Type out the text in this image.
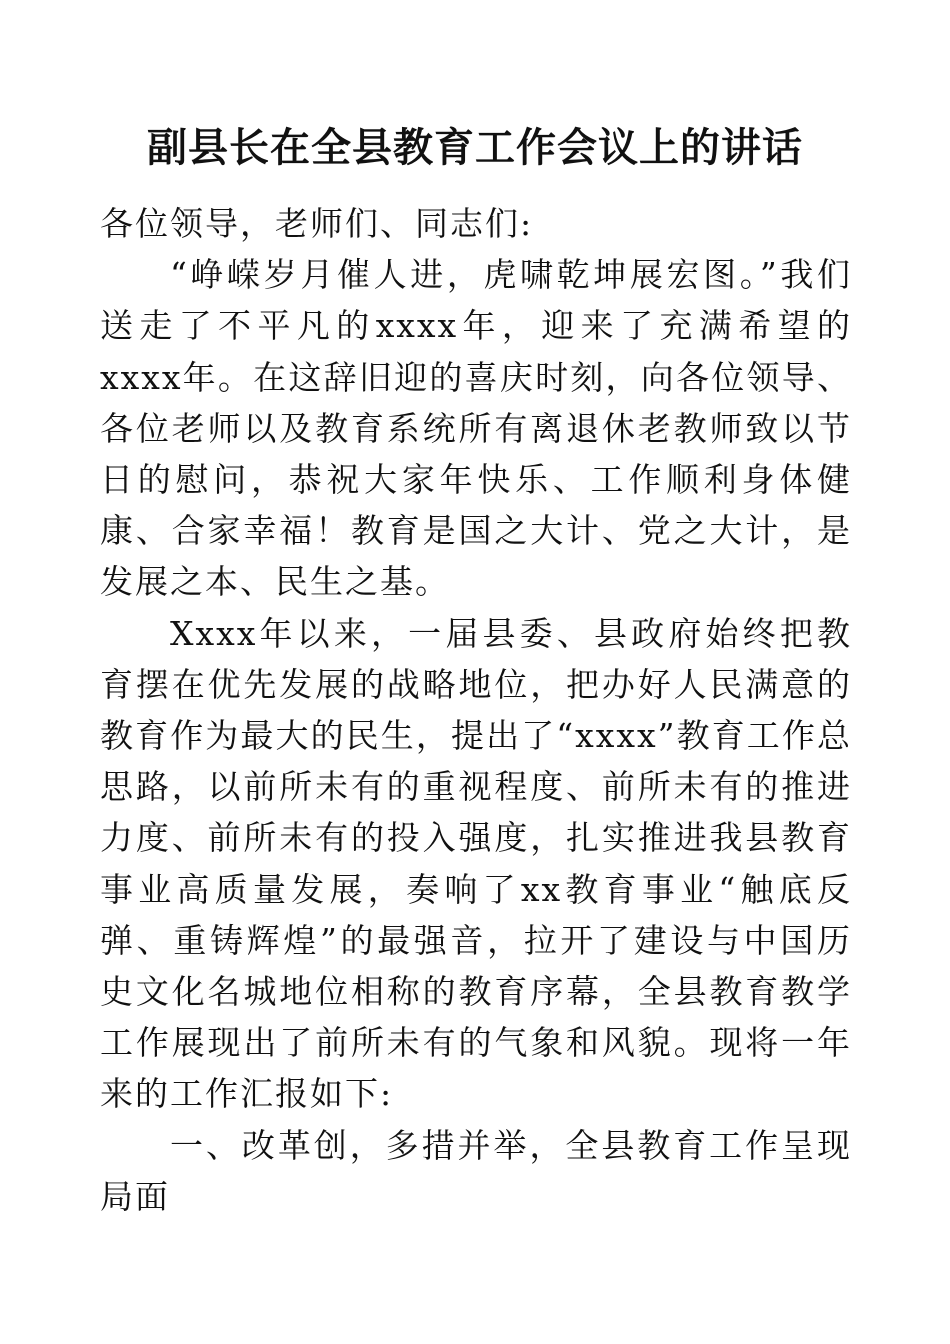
副县长在全县教育工作会议上的讲话

各位领导，老师们、同志们:

“峥嵘岁月催人进，虎啸乾坤展宏图。”我们送走了不平凡的xxxx年，迎来了充满希望的xxxx年。在这辞旧迎的喜庆时刻，向各位领导、各位老师以及教育系统所有离退休老教师致以节日的慰问，恭祝大家年快乐、工作顺利身体健康、合家幸福！教育是国之大计、党之大计，是发展之本、民生之基。

Xxxx年以来，一届县委、县政府始终把教育摆在优先发展的战略地位，把办好人民满意的教育作为最大的民生，提出了“xxxx”教育工作总思路，以前所未有的重视程度、前所未有的推进力度、前所未有的投入强度，扎实推进我县教育事业高质量发展，奏响了xx教育事业“触底反弹、重铸辉煌”的最强音，拉开了建设与中国历史文化名城地位相称的教育序幕，全县教育教学工作展现出了前所未有的气象和风貌。现将一年来的工作汇报如下:

一、改革创，多措并举，全县教育工作呈现局面
